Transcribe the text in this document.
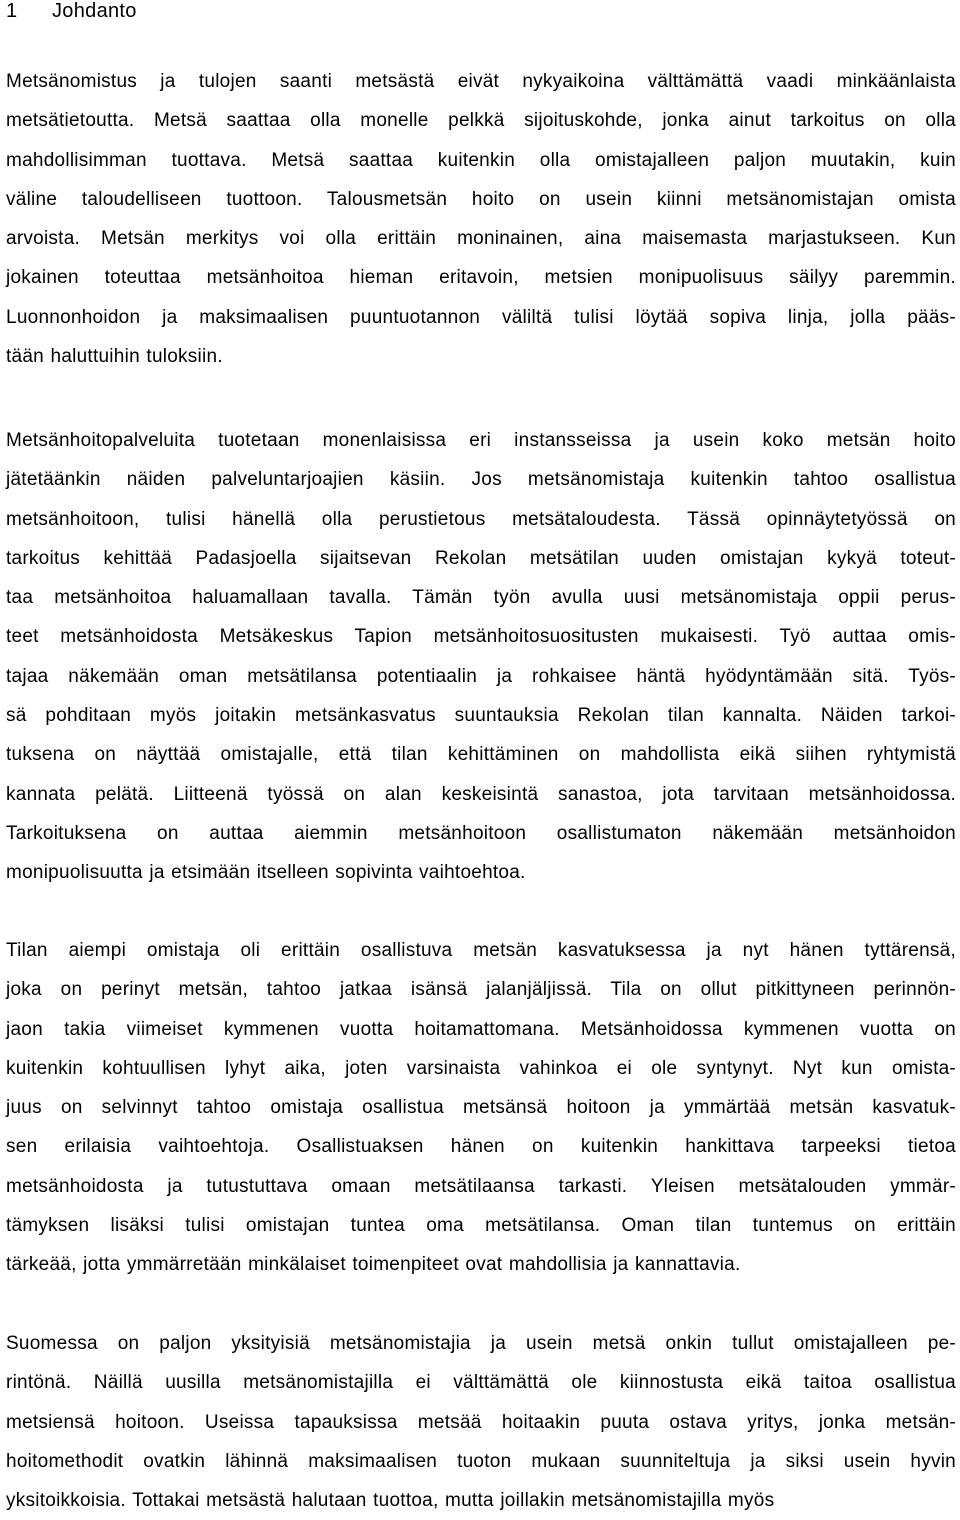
1 Johdanto
Metsänomistus ja tulojen saanti metsästä eivät nykyaikoina välttämättä vaadi minkäänlaista
metsätietoutta. Metsä saattaa olla monelle pelkkä sijoituskohde, jonka ainut tarkoitus on olla
mahdollisimman tuottava. Metsä saattaa kuitenkin olla omistajalleen paljon muutakin, kuin
väline taloudelliseen tuottoon. Talousmetsän hoito on usein kiinni metsänomistajan omista
arvoista. Metsän merkitys voi olla erittäin moninainen, aina maisemasta marjastukseen. Kun
jokainen toteuttaa metsänhoitoa hieman eritavoin, metsien monipuolisuus säilyy paremmin.
Luonnonhoidon ja maksimaalisen puuntuotannon väliltä tulisi löytää sopiva linja, jolla pääs-
tään haluttuihin tuloksiin.
Metsänhoitopalveluita tuotetaan monenlaisissa eri instansseissa ja usein koko metsän hoito
jätetäänkin näiden palveluntarjoajien käsiin. Jos metsänomistaja kuitenkin tahtoo osallistua
metsänhoitoon, tulisi hänellä olla perustietous metsätaloudesta. Tässä opinnäytetyössä on
tarkoitus kehittää Padasjoella sijaitsevan Rekolan metsätilan uuden omistajan kykyä toteut-
taa metsänhoitoa haluamallaan tavalla. Tämän työn avulla uusi metsänomistaja oppii perus-
teet metsänhoidosta Metsäkeskus Tapion metsänhoitosuositusten mukaisesti. Työ auttaa omis-
tajaa näkemään oman metsätilansa potentiaalin ja rohkaisee häntä hyödyntämään sitä. Työs-
sä pohditaan myös joitakin metsänkasvatus suuntauksia Rekolan tilan kannalta. Näiden tarkoi-
tuksena on näyttää omistajalle, että tilan kehittäminen on mahdollista eikä siihen ryhtymistä
kannata pelätä. Liitteenä työssä on alan keskeisintä sanastoa, jota tarvitaan metsänhoidossa.
Tarkoituksena on auttaa aiemmin metsänhoitoon osallistumaton näkemään metsänhoidon
monipuolisuutta ja etsimään itselleen sopivinta vaihtoehtoa.
Tilan aiempi omistaja oli erittäin osallistuva metsän kasvatuksessa ja nyt hänen tyttärensä,
joka on perinyt metsän, tahtoo jatkaa isänsä jalanjäljissä. Tila on ollut pitkittyneen perinnön-
jaon takia viimeiset kymmenen vuotta hoitamattomana. Metsänhoidossa kymmenen vuotta on
kuitenkin kohtuullisen lyhyt aika, joten varsinaista vahinkoa ei ole syntynyt. Nyt kun omista-
juus on selvinnyt tahtoo omistaja osallistua metsänsä hoitoon ja ymmärtää metsän kasvatuk-
sen erilaisia vaihtoehtoja. Osallistuaksen hänen on kuitenkin hankittava tarpeeksi tietoa
metsänhoidosta ja tutustuttava omaan metsätilaansa tarkasti. Yleisen metsätalouden ymmär-
tämyksen lisäksi tulisi omistajan tuntea oma metsätilansa. Oman tilan tuntemus on erittäin
tärkeää, jotta ymmärretään minkälaiset toimenpiteet ovat mahdollisia ja kannattavia.
Suomessa on paljon yksityisiä metsänomistajia ja usein metsä onkin tullut omistajalleen pe-
rintönä. Näillä uusilla metsänomistajilla ei välttämättä ole kiinnostusta eikä taitoa osallistua
metsiensä hoitoon. Useissa tapauksissa metsää hoitaakin puuta ostava yritys, jonka metsän-
hoitomethodit ovatkin lähinnä maksimaalisen tuoton mukaan suunniteltuja ja siksi usein hyvin
yksitoikkoisia. Tottakai metsästä halutaan tuottoa, mutta joillakin metsänomistajilla myös
